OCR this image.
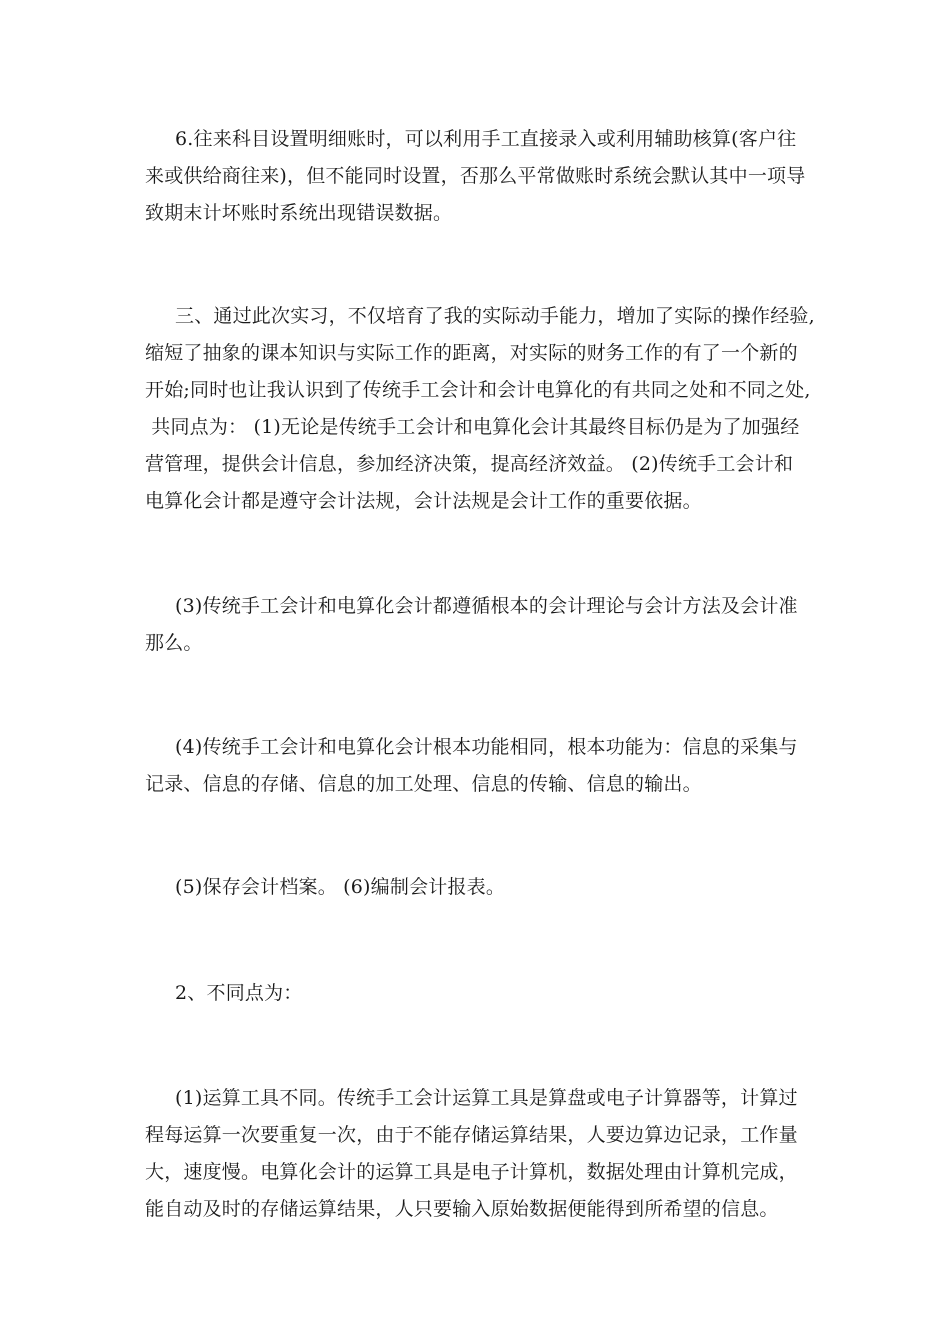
6.往来科目设置明细账时，可以利用手工直接录入或利用辅助核算(客户往
来或供给商往来)，但不能同时设置，否那么平常做账时系统会默认其中一项导
致期末计坏账时系统出现错误数据。
三、通过此次实习，不仅培育了我的实际动手能力，增加了实际的操作经验,
缩短了抽象的课本知识与实际工作的距离，对实际的财务工作的有了一个新的
开始;同时也让我认识到了传统手工会计和会计电算化的有共同之处和不同之处,
共同点为： (1)无论是传统手工会计和电算化会计其最终目标仍是为了加强经
营管理，提供会计信息，参加经济决策，提高经济效益。 (2)传统手工会计和
电算化会计都是遵守会计法规，会计法规是会计工作的重要依据。
(3)传统手工会计和电算化会计都遵循根本的会计理论与会计方法及会计准
那么。
(4)传统手工会计和电算化会计根本功能相同，根本功能为：信息的采集与
记录、信息的存储、信息的加工处理、信息的传输、信息的输出。
(5)保存会计档案。 (6)编制会计报表。
2、不同点为：
(1)运算工具不同。传统手工会计运算工具是算盘或电子计算器等，计算过
程每运算一次要重复一次，由于不能存储运算结果，人要边算边记录，工作量
大，速度慢。电算化会计的运算工具是电子计算机，数据处理由计算机完成，
能自动及时的存储运算结果，人只要输入原始数据便能得到所希望的信息。
